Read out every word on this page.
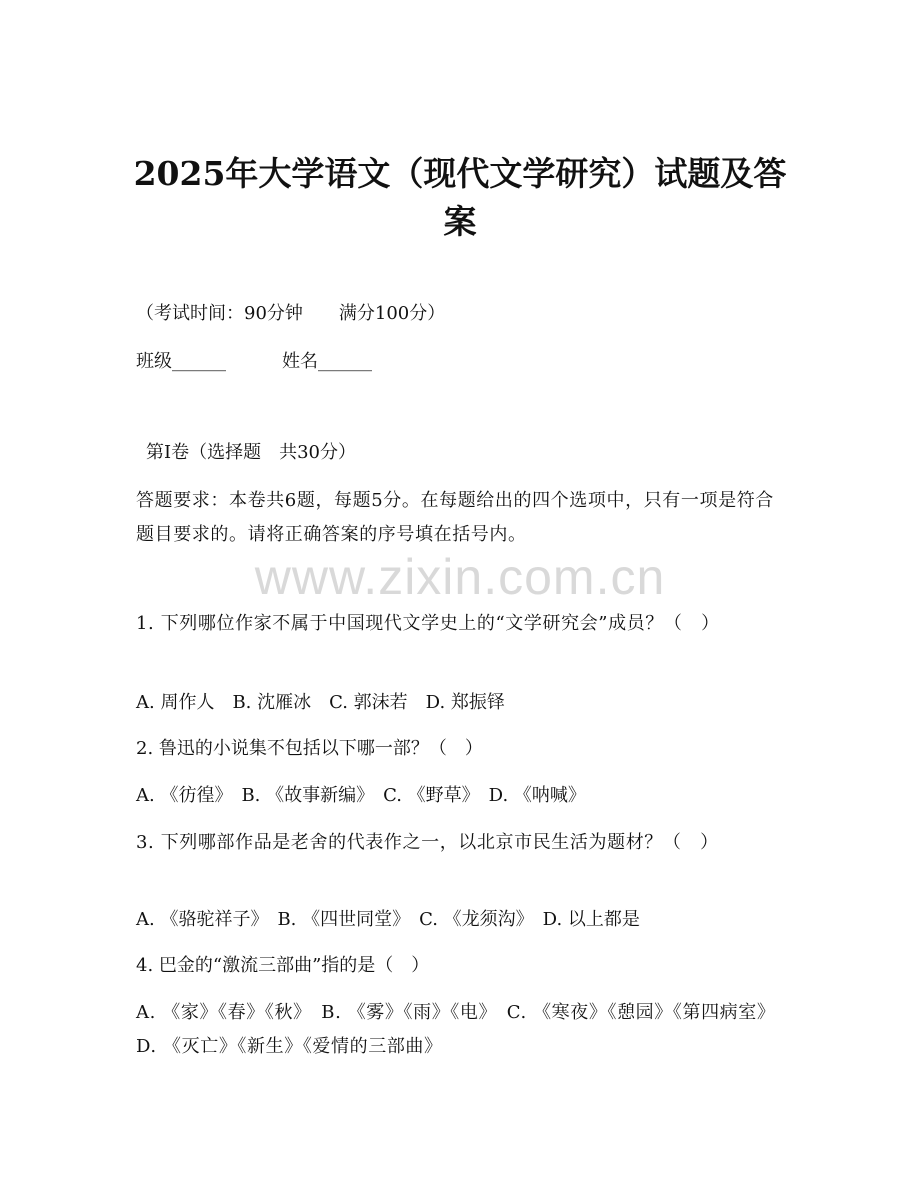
www.zixin.com.cn
2025年大学语文（现代文学研究）试题及答案
（考试时间：90分钟　　满分100分）
班级______	姓名______
第I卷（选择题　共30分）
答题要求：本卷共6题，每题5分。在每题给出的四个选项中，只有一项是符合题目要求的。请将正确答案的序号填在括号内。
1. 下列哪位作家不属于中国现代文学史上的“文学研究会”成员？（　）
A. 周作人　B. 沈雁冰　C. 郭沫若　D. 郑振铎
2. 鲁迅的小说集不包括以下哪一部？（　）
A. 《彷徨》　B. 《故事新编》　C. 《野草》　D. 《呐喊》
3. 下列哪部作品是老舍的代表作之一，以北京市民生活为题材？（　）
A. 《骆驼祥子》　B. 《四世同堂》　C. 《龙须沟》　D. 以上都是
4. 巴金的“激流三部曲”指的是（　）
A. 《家》《春》《秋》　B. 《雾》《雨》《电》　C. 《寒夜》《憩园》《第四病室》　D. 《灭亡》《新生》《爱情的三部曲》
